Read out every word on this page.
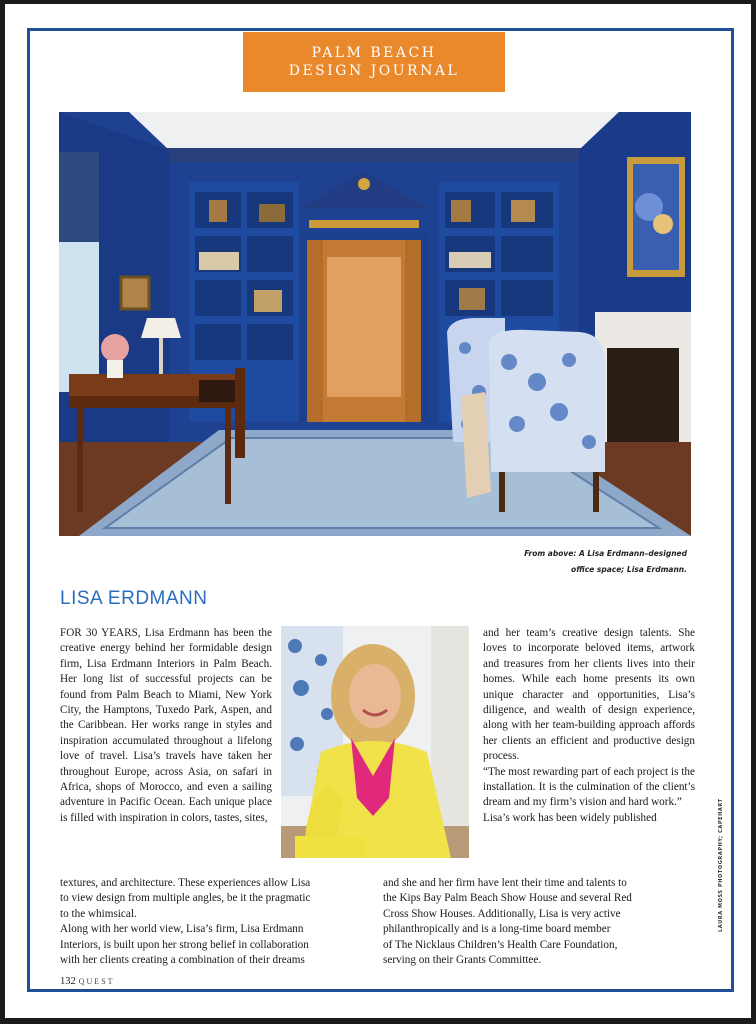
PALM BEACH
DESIGN JOURNAL
From above: A Lisa Erdmann–designed
office space; Lisa Erdmann.
LISA ERDMANN

FOR 30 YEARS, Lisa Erdmann has been the creative energy behind her formidable design firm, Lisa Erdmann Interiors in Palm Beach. Her long list of successful projects can be found from Palm Beach to Miami, New York City, the Hamptons, Tuxedo Park, Aspen, and the Caribbean. Her works range in styles and inspiration accumulated throughout a lifelong love of travel. Lisa’s travels have taken her throughout Europe, across Asia, on safari in Africa, shops of Morocco, and even a sailing adventure in Pacific Ocean. Each unique place is filled with inspiration in colors, tastes, sites,

and her team’s creative design talents. She loves to incorporate beloved items, artwork and treasures from her clients lives into their homes. While each home presents its own unique character and opportunities, Lisa’s diligence, and wealth of design experience, along with her team-building approach affords her clients an efficient and productive design process.

“The most rewarding part of each project is the installation. It is the culmination of the client’s dream and my firm’s vision and hard work.”

Lisa’s work has been widely published

textures, and architecture. These experiences allow Lisa
to view design from multiple angles, be it the pragmatic
to the whimsical.
Along with her world view, Lisa’s firm, Lisa Erdmann
Interiors, is built upon her strong belief in collaboration
with her clients creating a combination of their dreams
and she and her firm have lent their time and talents to
the Kips Bay Palm Beach Show House and several Red
Cross Show Houses. Additionally, Lisa is very active
philanthropically and is a long-time board member
of The Nicklaus Children’s Health Care Foundation,
serving on their Grants Committee.
132 QUEST
LAURA MOSS PHOTOGRAPHY; CAPEHART
